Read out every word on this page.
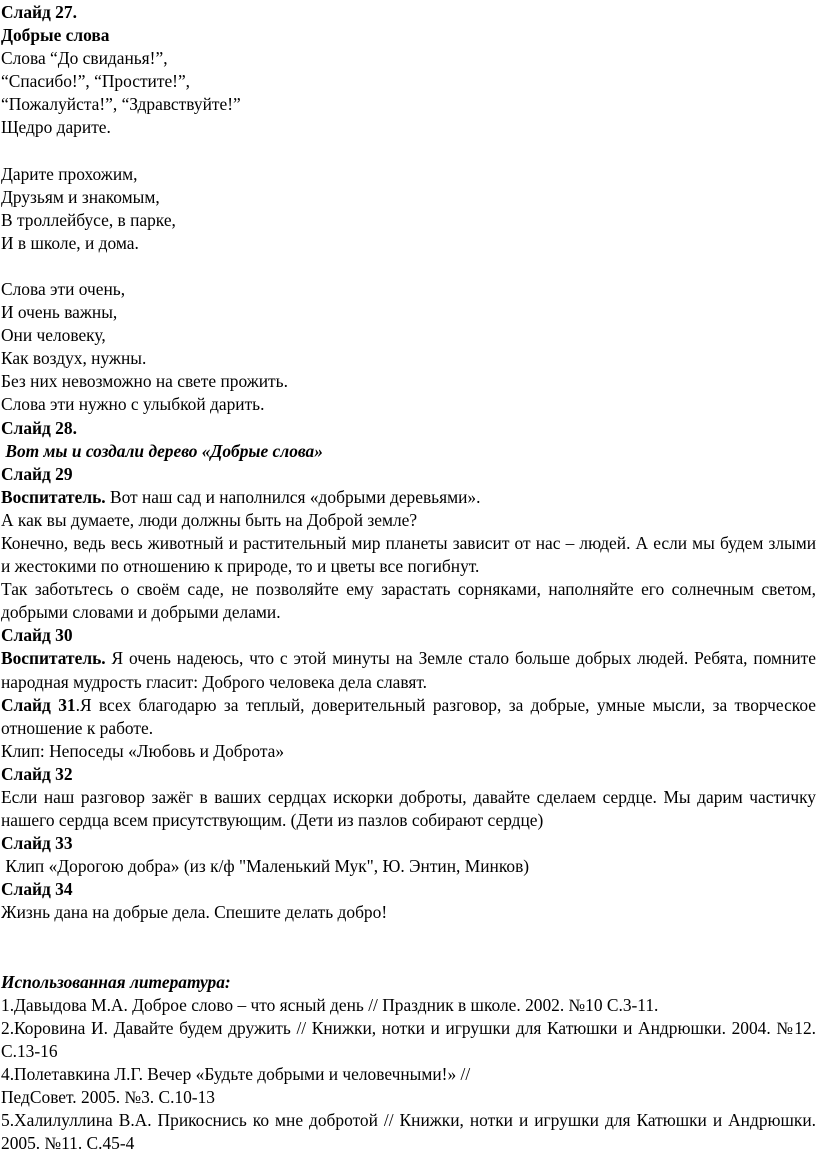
Слайд 27.
Добрые слова
Слова “До свиданья!”,
“Спасибо!”, “Простите!”,
“Пожалуйста!”, “Здравствуйте!”
Щедро дарите.
Дарите прохожим,
Друзьям и знакомым,
В троллейбусе, в парке,
И в школе, и дома.
Слова эти очень,
И очень важны,
Они человеку,
Как воздух, нужны.
Без них невозможно на свете прожить.
Слова эти нужно с улыбкой дарить.
Слайд 28.
Вот мы и создали дерево «Добрые слова»
Слайд 29
Воспитатель. Вот наш сад и наполнился «добрыми деревьями».
А как вы думаете, люди должны быть на Доброй земле?
Конечно, ведь весь животный и растительный мир планеты зависит от нас – людей. А если мы будем злыми и жестокими по отношению к природе, то и цветы все погибнут.
Так заботьтесь о своём саде, не позволяйте ему зарастать сорняками, наполняйте его солнечным светом, добрыми словами и добрыми делами.
Слайд 30
Воспитатель. Я очень надеюсь, что с этой минуты на Земле стало больше добрых людей. Ребята, помните народная мудрость гласит: Доброго человека дела славят.
Слайд 31.Я всех благодарю за теплый, доверительный разговор, за добрые, умные мысли, за творческое отношение к работе.
Клип: Непоседы «Любовь и Доброта»
Слайд 32
Если наш разговор зажёг в ваших сердцах искорки доброты, давайте сделаем сердце. Мы дарим частичку нашего сердца всем присутствующим. (Дети из пазлов собирают сердце)
Слайд 33
Клип «Дорогою добра» (из к/ф "Маленький Мук", Ю. Энтин, Минков)
Слайд 34
Жизнь дана на добрые дела. Спешите делать добро!
Использованная литература:
1.Давыдова М.А. Доброе слово – что ясный день // Праздник в школе. 2002. №10 С.3-11.
2.Коровина И. Давайте будем дружить // Книжки, нотки и игрушки для Катюшки и Андрюшки. 2004. №12. С.13-16
4.Полетавкина Л.Г. Вечер «Будьте добрыми и человечными!» //
ПедСовет. 2005. №3. С.10-13
5.Халилуллина В.А. Прикоснись ко мне добротой // Книжки, нотки и игрушки для Катюшки и Андрюшки. 2005. №11. С.45-4
